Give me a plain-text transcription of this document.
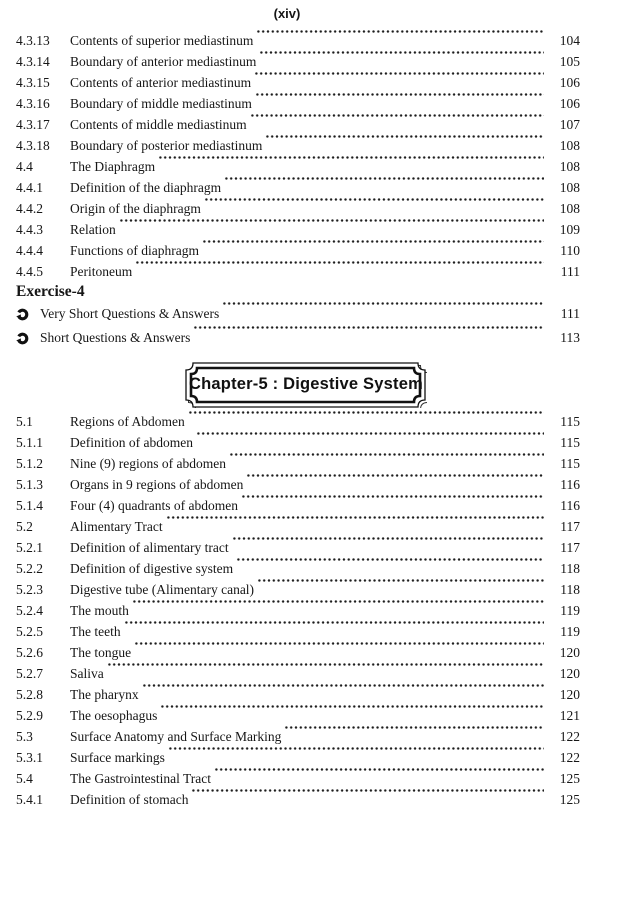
(xiv)
4.3.13	Contents of superior mediastinum	104
4.3.14	Boundary of anterior mediastinum	105
4.3.15	Contents of anterior mediastinum	106
4.3.16	Boundary of middle mediastinum	106
4.3.17	Contents of middle mediastinum	107
4.3.18	Boundary of posterior mediastinum	108
4.4	The Diaphragm	108
4.4.1	Definition of the diaphragm	108
4.4.2	Origin of the diaphragm	108
4.4.3	Relation	109
4.4.4	Functions of diaphragm	110
4.4.5	Peritoneum	111
Exercise-4
Very Short Questions & Answers	111
Short Questions & Answers	113
Chapter-5 : Digestive System
5.1	Regions of Abdomen	115
5.1.1	Definition of abdomen	115
5.1.2	Nine (9) regions of abdomen	115
5.1.3	Organs in 9 regions of abdomen	116
5.1.4	Four (4) quadrants of abdomen	116
5.2	Alimentary Tract	117
5.2.1	Definition of alimentary tract	117
5.2.2	Definition of digestive system	118
5.2.3	Digestive tube (Alimentary canal)	118
5.2.4	The mouth	119
5.2.5	The teeth	119
5.2.6	The tongue	120
5.2.7	Saliva	120
5.2.8	The pharynx	120
5.2.9	The oesophagus	121
5.3	Surface Anatomy and Surface Marking	122
5.3.1	Surface markings	122
5.4	The Gastrointestinal Tract	125
5.4.1	Definition of stomach	125
